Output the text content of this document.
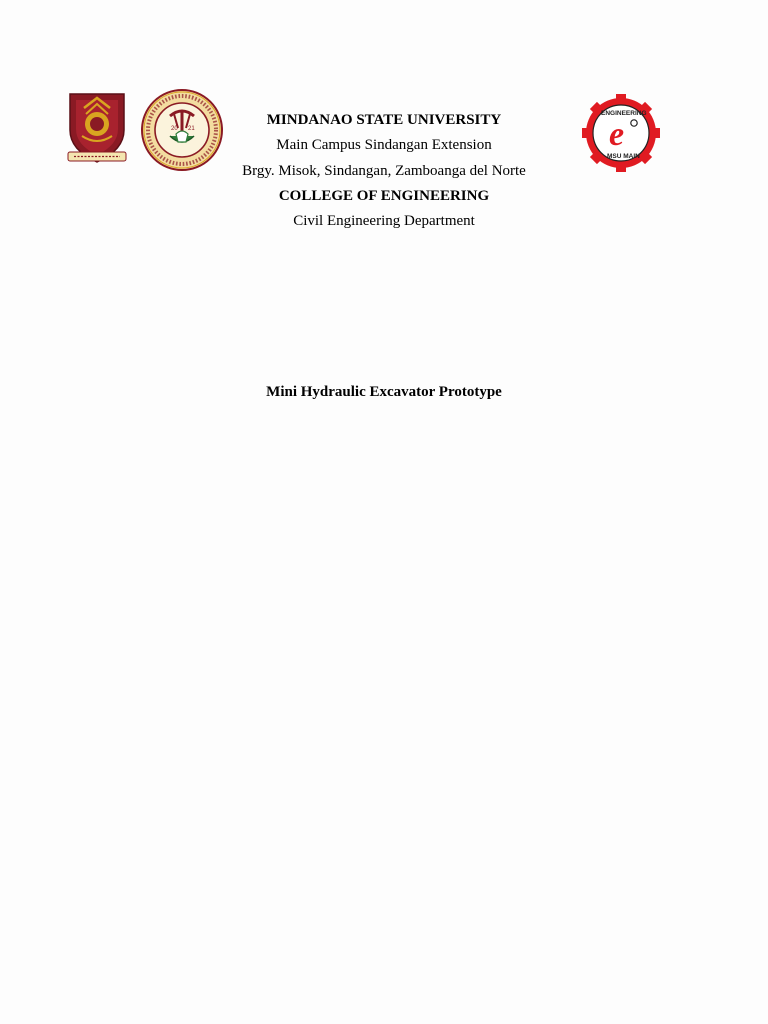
20 21	e
ENGINEERING
MSU MAIN
MINDANAO STATE UNIVERSITY
Main Campus Sindangan Extension
Brgy. Misok, Sindangan, Zamboanga del Norte
COLLEGE OF ENGINEERING
Civil Engineering Department
Mini Hydraulic Excavator Prototype
